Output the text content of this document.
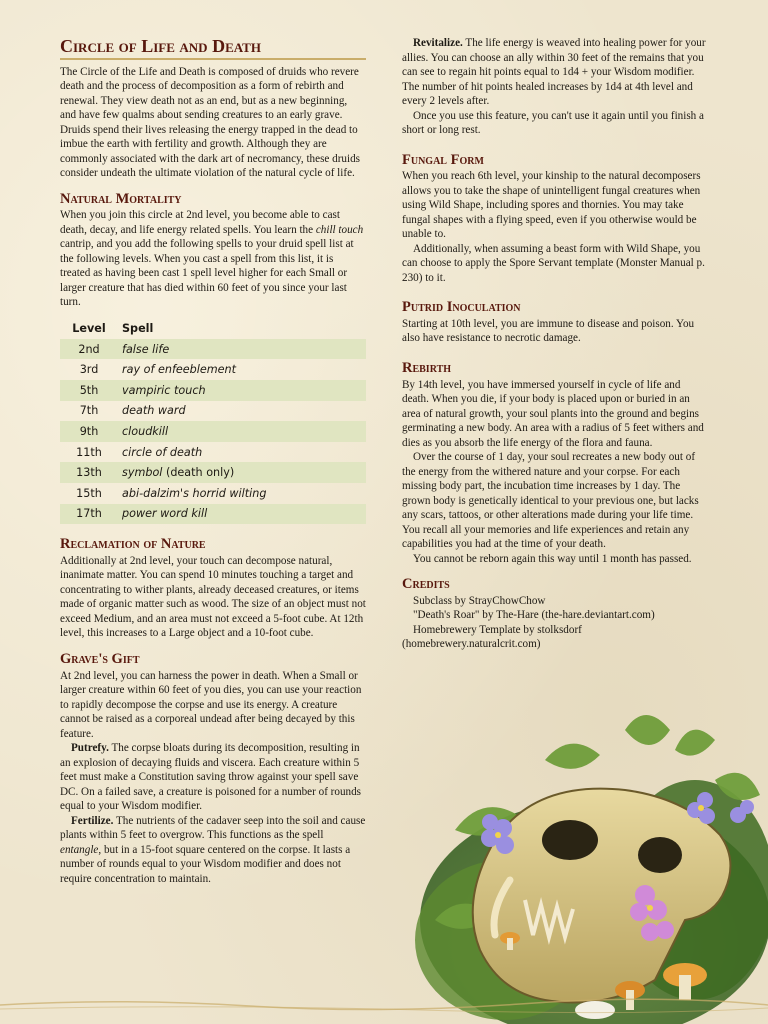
Circle of Life and Death

The Circle of the Life and Death is composed of druids who revere death and the process of decomposition as a form of rebirth and renewal. They view death not as an end, but as a new beginning, and have few qualms about sending creatures to an early grave. Druids spend their lives releasing the energy trapped in the dead to imbue the earth with fertility and growth. Although they are commonly associated with the dark art of necromancy, these druids consider undeath the ultimate violation of the natural cycle of life.

Natural Mortality

When you join this circle at 2nd level, you become able to cast death, decay, and life energy related spells. You learn the chill touch cantrip, and you add the following spells to your druid spell list at the following levels. When you cast a spell from this list, it is treated as having been cast 1 spell level higher for each Small or larger creature that has died within 60 feet of you since your last turn.

Level	Spell
2nd	false life
3rd	ray of enfeeblement
5th	vampiric touch
7th	death ward
9th	cloudkill
11th	circle of death
13th	symbol (death only)
15th	abi-dalzim's horrid wilting
17th	power word kill
Reclamation of Nature

Additionally at 2nd level, your touch can decompose natural, inanimate matter. You can spend 10 minutes touching a target and concentrating to wither plants, already deceased creatures, or items made of organic matter such as wood. The size of an object must not exceed Medium, and an area must not exceed a 5-foot cube. At 12th level, this increases to a Large object and a 10-foot cube.

Grave's Gift

At 2nd level, you can harness the power in death. When a Small or larger creature within 60 feet of you dies, you can use your reaction to rapidly decompose the corpse and use its energy. A creature cannot be raised as a corporeal undead after being decayed by this feature.

Putrefy. The corpse bloats during its decomposition, resulting in an explosion of decaying fluids and viscera. Each creature within 5 feet must make a Constitution saving throw against your spell save DC. On a failed save, a creature is poisoned for a number of rounds equal to your Wisdom modifier.

Fertilize. The nutrients of the cadaver seep into the soil and cause plants within 5 feet to overgrow. This functions as the spell entangle, but in a 15-foot square centered on the corpse. It lasts a number of rounds equal to your Wisdom modifier and does not require concentration to maintain.

Revitalize. The life energy is weaved into healing power for your allies. You can choose an ally within 30 feet of the remains that you can see to regain hit points equal to 1d4 + your Wisdom modifier. The number of hit points healed increases by 1d4 at 4th level and every 2 levels after.

Once you use this feature, you can't use it again until you finish a short or long rest.

Fungal Form

When you reach 6th level, your kinship to the natural decomposers allows you to take the shape of unintelligent fungal creatures when using Wild Shape, including spores and thornies. You may take fungal shapes with a flying speed, even if you otherwise would be unable to.

Additionally, when assuming a beast form with Wild Shape, you can choose to apply the Spore Servant template (Monster Manual p. 230) to it.

Putrid Inoculation

Starting at 10th level, you are immune to disease and poison. You also have resistance to necrotic damage.

Rebirth

By 14th level, you have immersed yourself in cycle of life and death. When you die, if your body is placed upon or buried in an area of natural growth, your soul plants into the ground and begins germinating a new body. An area with a radius of 5 feet withers and dies as you absorb the life energy of the flora and fauna.

Over the course of 1 day, your soul recreates a new body out of the energy from the withered nature and your corpse. For each missing body part, the incubation time increases by 1 day. The grown body is genetically identical to your previous one, but lacks any scars, tattoos, or other alterations made during your life time. You recall all your memories and life experiences and retain any capabilities you had at the time of your death.

You cannot be reborn again this way until 1 month has passed.

Credits

Subclass by StrayChowChow

"Death's Roar" by The-Hare (the-hare.deviantart.com)

Homebrewery Template by stolksdorf (homebrewery.naturalcrit.com)
